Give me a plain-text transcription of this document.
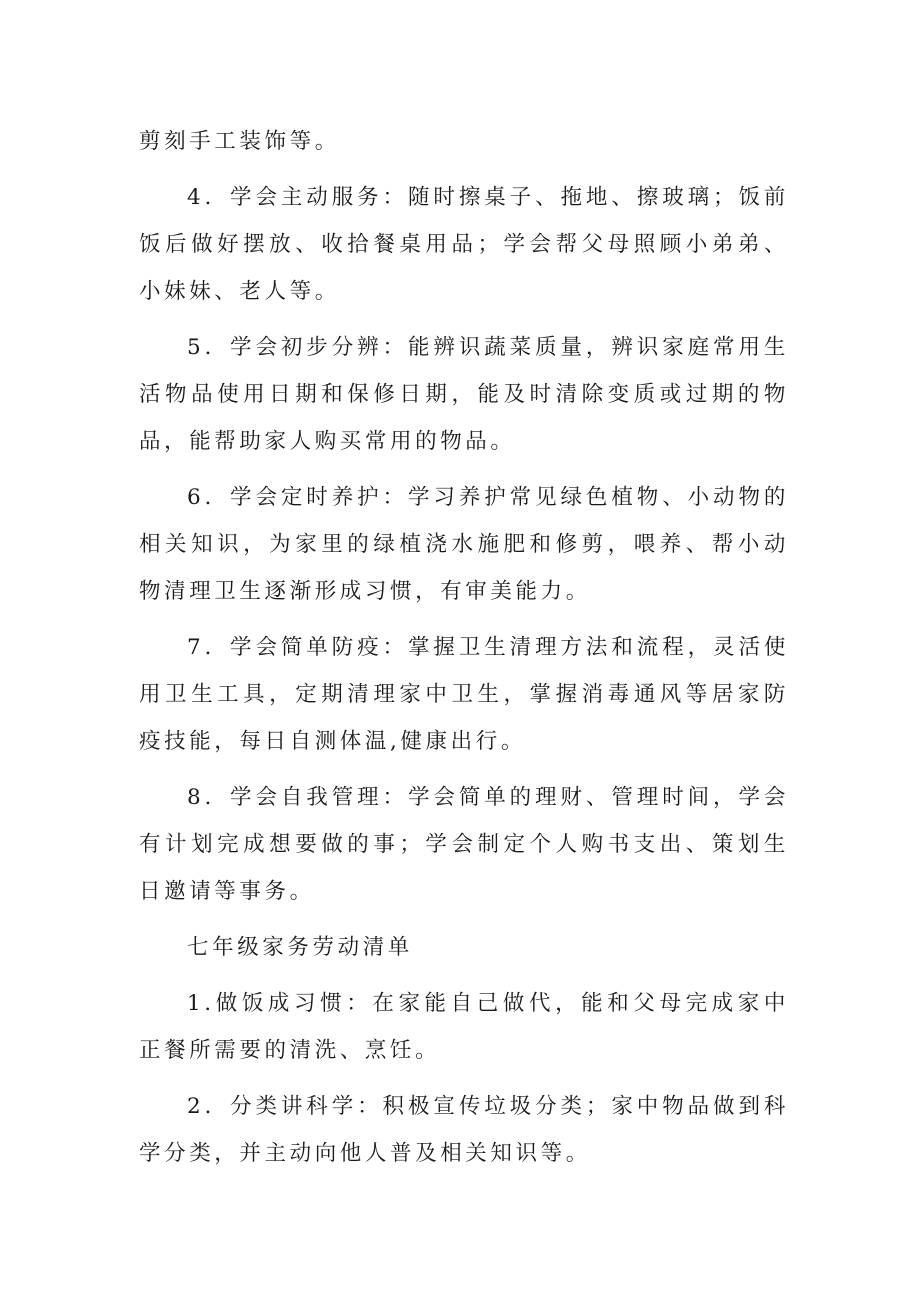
剪刻手工装饰等。

4．学会主动服务：随时擦桌子、拖地、擦玻璃；饭前饭后做好摆放、收拾餐桌用品；学会帮父母照顾小弟弟、小妹妹、老人等。

5．学会初步分辨：能辨识蔬菜质量，辨识家庭常用生活物品使用日期和保修日期，能及时清除变质或过期的物品，能帮助家人购买常用的物品。

6．学会定时养护：学习养护常见绿色植物、小动物的相关知识，为家里的绿植浇水施肥和修剪，喂养、帮小动物清理卫生逐渐形成习惯，有审美能力。

7．学会简单防疫：掌握卫生清理方法和流程，灵活使用卫生工具，定期清理家中卫生，掌握消毒通风等居家防疫技能，每日自测体温,健康出行。

8．学会自我管理：学会简单的理财、管理时间，学会有计划完成想要做的事；学会制定个人购书支出、策划生日邀请等事务。

七年级家务劳动清单

1.做饭成习惯：在家能自己做代，能和父母完成家中正餐所需要的清洗、烹饪。

2．分类讲科学：积极宣传垃圾分类；家中物品做到科学分类，并主动向他人普及相关知识等。
